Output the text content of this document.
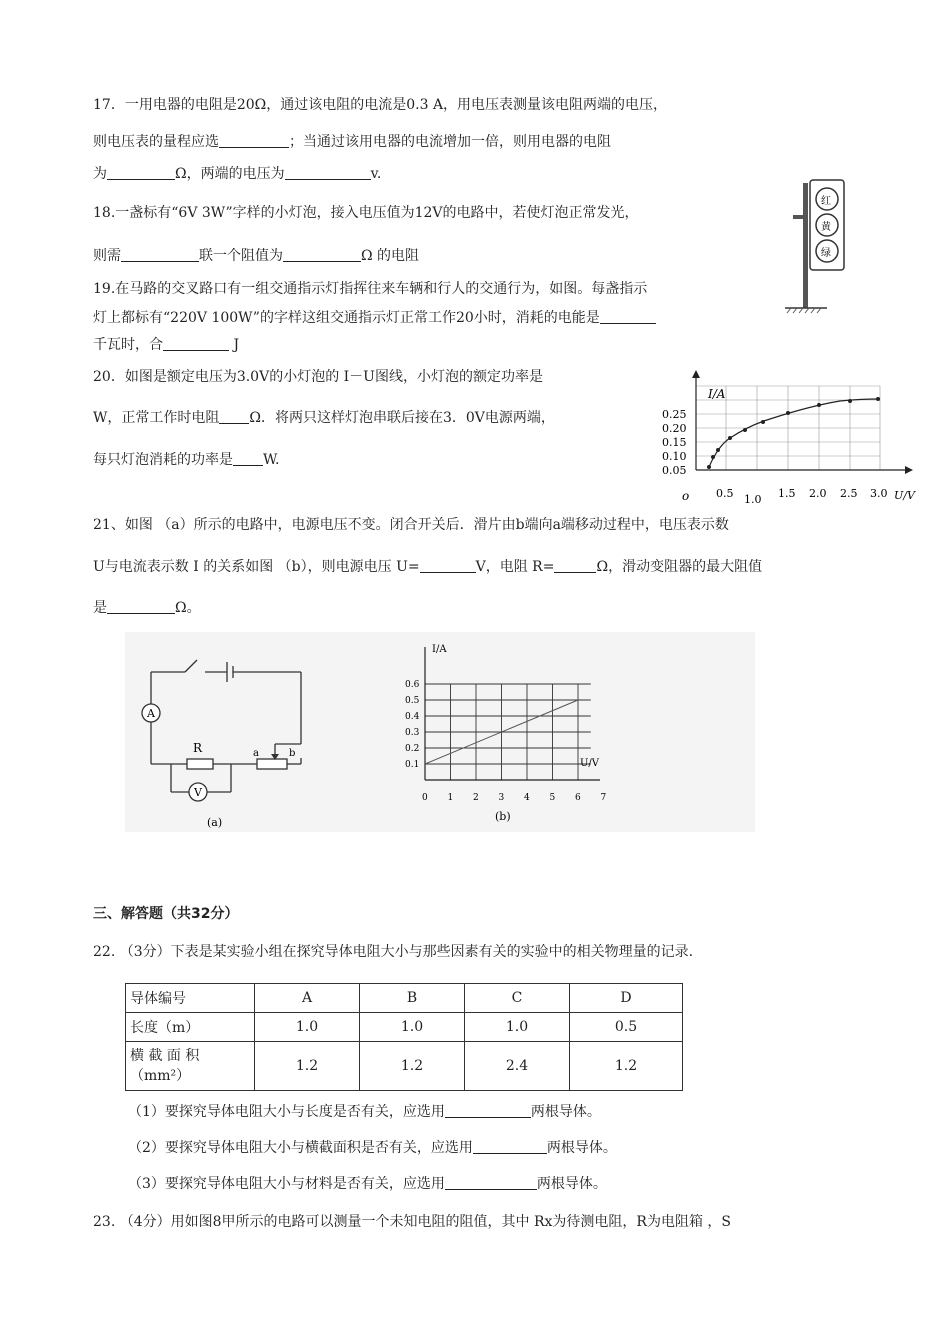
17．一用电器的电阻是20Ω，通过该电阻的电流是0.3 A，用电压表测量该电阻两端的电压，
则电压表的量程应选	；当通过该用电器的电流增加一倍，则用电器的电阻
为	Ω，两端的电压为	v.
18.一盏标有“6V 3W”字样的小灯泡，接入电压值为12V的电路中，若使灯泡正常发光，
则需	联一个阻值为	Ω 的电阻
红
黄
绿
19.在马路的交叉路口有一组交通指示灯指挥往来车辆和行人的交通行为，如图。每盏指示
灯上都标有“220V 100W”的字样这组交通指示灯正常工作20小时，消耗的电能是
千瓦时，合	J
20．如图是额定电压为3.0V的小灯泡的 I－U图线，小灯泡的额定功率是
W，正常工作时电阻 Ω．将两只这样灯泡串联后接在3．0V电源两端，
每只灯泡消耗的功率是 W.
I/A
0.25
0.20
0.15
0.10
0.05
o 0.5 1.0 1.5 2.0 2.5 3.0 U/V
21、如图 （a）所示的电路中，电源电压不变。闭合开关后．滑片由b端向a端移动过程中，电压表示数
U与电流表示数 I 的关系如图 （b），则电源电压 U=	V，电阻 R=	Ω，滑动变阻器的最大阻值
是	Ω。
A
V
R	a	b
(a)
I/A
U/V
0.1
0.2
0.3
0.4
0.5
0.6
0 1 2 3 4 5 6 7
(b)
三、解答题（共32分）
22. （3分）下表是某实验小组在探究导体电阻大小与那些因素有关的实验中的相关物理量的记录.
导体编号	A	B	C	D
长度（m）	1.0	1.0	1.0	0.5

横 截 面 积
（mm²）	1.2	1.2	2.4	1.2
（1）要探究导体电阻大小与长度是否有关，应选用	两根导体。
（2）要探究导体电阻大小与横截面积是否有关，应选用	两根导体。
（3）要探究导体电阻大小与材料是否有关，应选用	两根导体。
23. （4分）用如图8甲所示的电路可以测量一个未知电阻的阻值，其中 Rx为待测电阻，R为电阻箱 ，S
